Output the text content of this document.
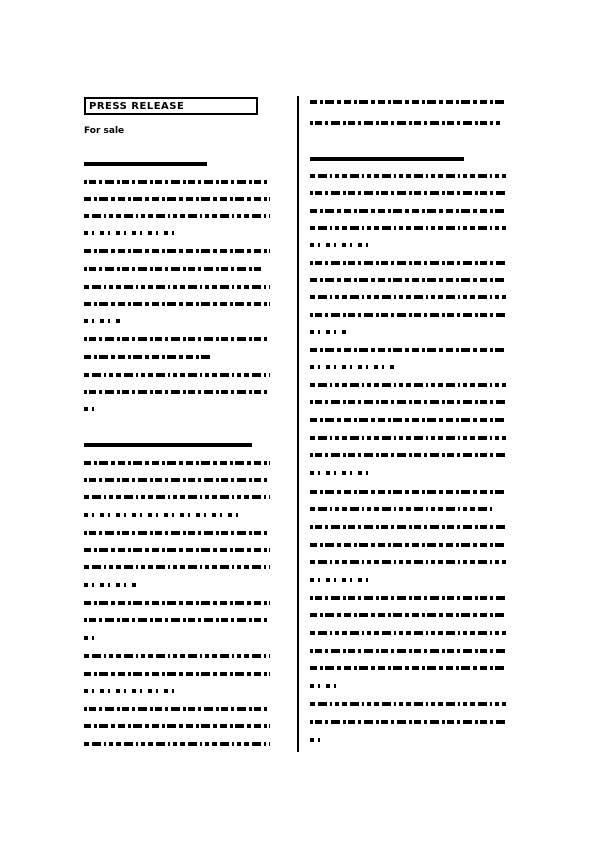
PRESS RELEASE
For sale
